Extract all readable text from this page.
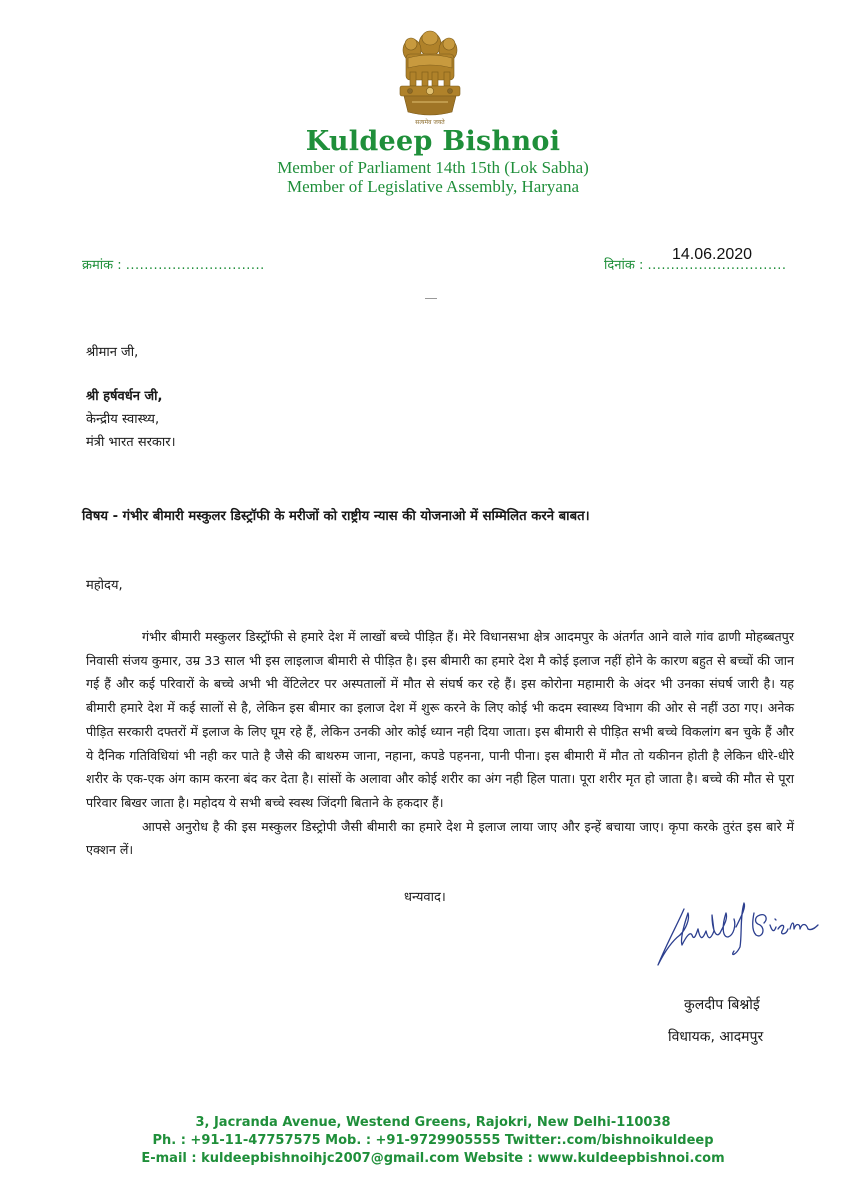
सत्यमेव जयते
Kuldeep Bishnoi
Member of Parliament 14th 15th (Lok Sabha)
Member of Legislative Assembly, Haryana
क्रमांक : ..............................	दिनांक : ..............................
14.06.2020
श्रीमान जी,
श्री हर्षवर्धन जी,
केन्द्रीय स्वास्थ्य,
मंत्री भारत सरकार।
विषय - गंभीर बीमारी मस्कुलर डिस्ट्रॉफी के मरीजों को राष्ट्रीय न्यास की योजनाओ में सम्मिलित करने बाबत।
महोदय,

गंभीर बीमारी मस्कुलर डिस्ट्रॉफी से हमारे देश में लाखों बच्चे पीड़ित हैं। मेरे विधानसभा क्षेत्र आदमपुर के अंतर्गत आने वाले गांव ढाणी मोहब्बतपुर निवासी संजय कुमार, उम्र 33 साल भी इस लाइलाज बीमारी से पीड़ित है। इस बीमारी का हमारे देश मै कोई इलाज नहीं होने के कारण बहुत से बच्चों की जान गई हैं और कई परिवारों के बच्चे अभी भी वेंटिलेटर पर अस्पतालों में मौत से संघर्ष कर रहे हैं। इस कोरोना महामारी के अंदर भी उनका संघर्ष जारी है। यह बीमारी हमारे देश में कई सालों से है, लेकिन इस बीमार का इलाज देश में शुरू करने के लिए कोई भी कदम स्वास्थ्य विभाग की ओर से नहीं उठा गए। अनेक पीड़ित सरकारी दफ्तरों में इलाज के लिए घूम रहे हैं, लेकिन उनकी ओर कोई ध्यान नही दिया जाता। इस बीमारी से पीड़ित सभी बच्चे विकलांग बन चुके हैं और ये दैनिक गतिविधियां भी नही कर पाते है जैसे की बाथरुम जाना, नहाना, कपडे पहनना, पानी पीना। इस बीमारी में मौत तो यकीनन होती है लेकिन धीरे-धीरे शरीर के एक-एक अंग काम करना बंद कर देता है। सांसों के अलावा और कोई शरीर का अंग नही हिल पाता। पूरा शरीर मृत हो जाता है। बच्चे की मौत से पूरा परिवार बिखर जाता है। महोदय ये सभी बच्चे स्वस्थ जिंदगी बिताने के हकदार हैं।

आपसे अनुरोध है की इस मस्कुलर डिस्ट्रोपी जैसी बीमारी का हमारे देश मे इलाज लाया जाए और इन्हें बचाया जाए। कृपा करके तुरंत इस बारे में एक्शन लें।

धन्यवाद।
कुलदीप बिश्नोई
विधायक, आदमपुर
3, Jacranda Avenue, Westend Greens, Rajokri, New Delhi-110038
Ph. : +91-11-47757575 Mob. : +91-9729905555 Twitter:.com/bishnoikuldeep
E-mail : kuldeepbishnoihjc2007@gmail.com Website : www.kuldeepbishnoi.com
